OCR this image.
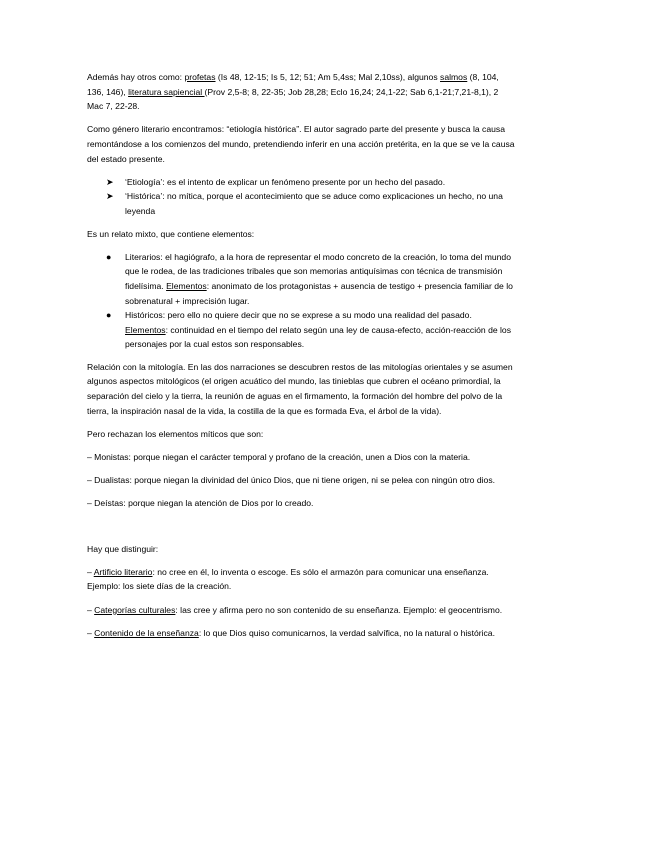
Además hay otros como: profetas (Is 48, 12-15; Is 5, 12; 51; Am 5,4ss; Mal 2,10ss), algunos salmos (8, 104, 136, 146), literatura sapiencial (Prov 2,5-8; 8, 22-35; Job 28,28; Eclo 16,24; 24,1-22; Sab 6,1-21;7,21-8,1), 2 Mac 7, 22-28.

Como género literario encontramos: “etiología histórica”. El autor sagrado parte del presente y busca la causa remontándose a los comienzos del mundo, pretendiendo inferir en una acción pretérita, en la que se ve la causa del estado presente.

➤ ‘Etiología’: es el intento de explicar un fenómeno presente por un hecho del pasado.
➤ ‘Histórica’: no mítica, porque el acontecimiento que se aduce como explicaciones un hecho, no una leyenda

Es un relato mixto, que contiene elementos:

● Literarios: el hagiógrafo, a la hora de representar el modo concreto de la creación, lo toma del mundo que le rodea, de las tradiciones tribales que son memorias antiquísimas con técnica de transmisión fidelísima. Elementos: anonimato de los protagonistas + ausencia de testigo + presencia familiar de lo sobrenatural + imprecisión lugar.
● Históricos: pero ello no quiere decir que no se exprese a su modo una realidad del pasado. Elementos: continuidad en el tiempo del relato según una ley de causa-efecto, acción-reacción de los personajes por la cual estos son responsables.

Relación con la mitología. En las dos narraciones se descubren restos de las mitologías orientales y se asumen algunos aspectos mitológicos (el origen acuático del mundo, las tinieblas que cubren el océano primordial, la separación del cielo y la tierra, la reunión de aguas en el firmamento, la formación del hombre del polvo de la tierra, la inspiración nasal de la vida, la costilla de la que es formada Eva, el árbol de la vida).

Pero rechazan los elementos míticos que son:

– Monistas: porque niegan el carácter temporal y profano de la creación, unen a Dios con la materia.

– Dualistas: porque niegan la divinidad del único Dios, que ni tiene origen, ni se pelea con ningún otro dios.

– Deístas: porque niegan la atención de Dios por lo creado.

Hay que distinguir:

– Artificio literario: no cree en él, lo inventa o escoge. Es sólo el armazón para comunicar una enseñanza. Ejemplo: los siete días de la creación.

– Categorías culturales: las cree y afirma pero no son contenido de su enseñanza. Ejemplo: el geocentrismo.

– Contenido de la enseñanza: lo que Dios quiso comunicarnos, la verdad salvífica, no la natural o histórica.
